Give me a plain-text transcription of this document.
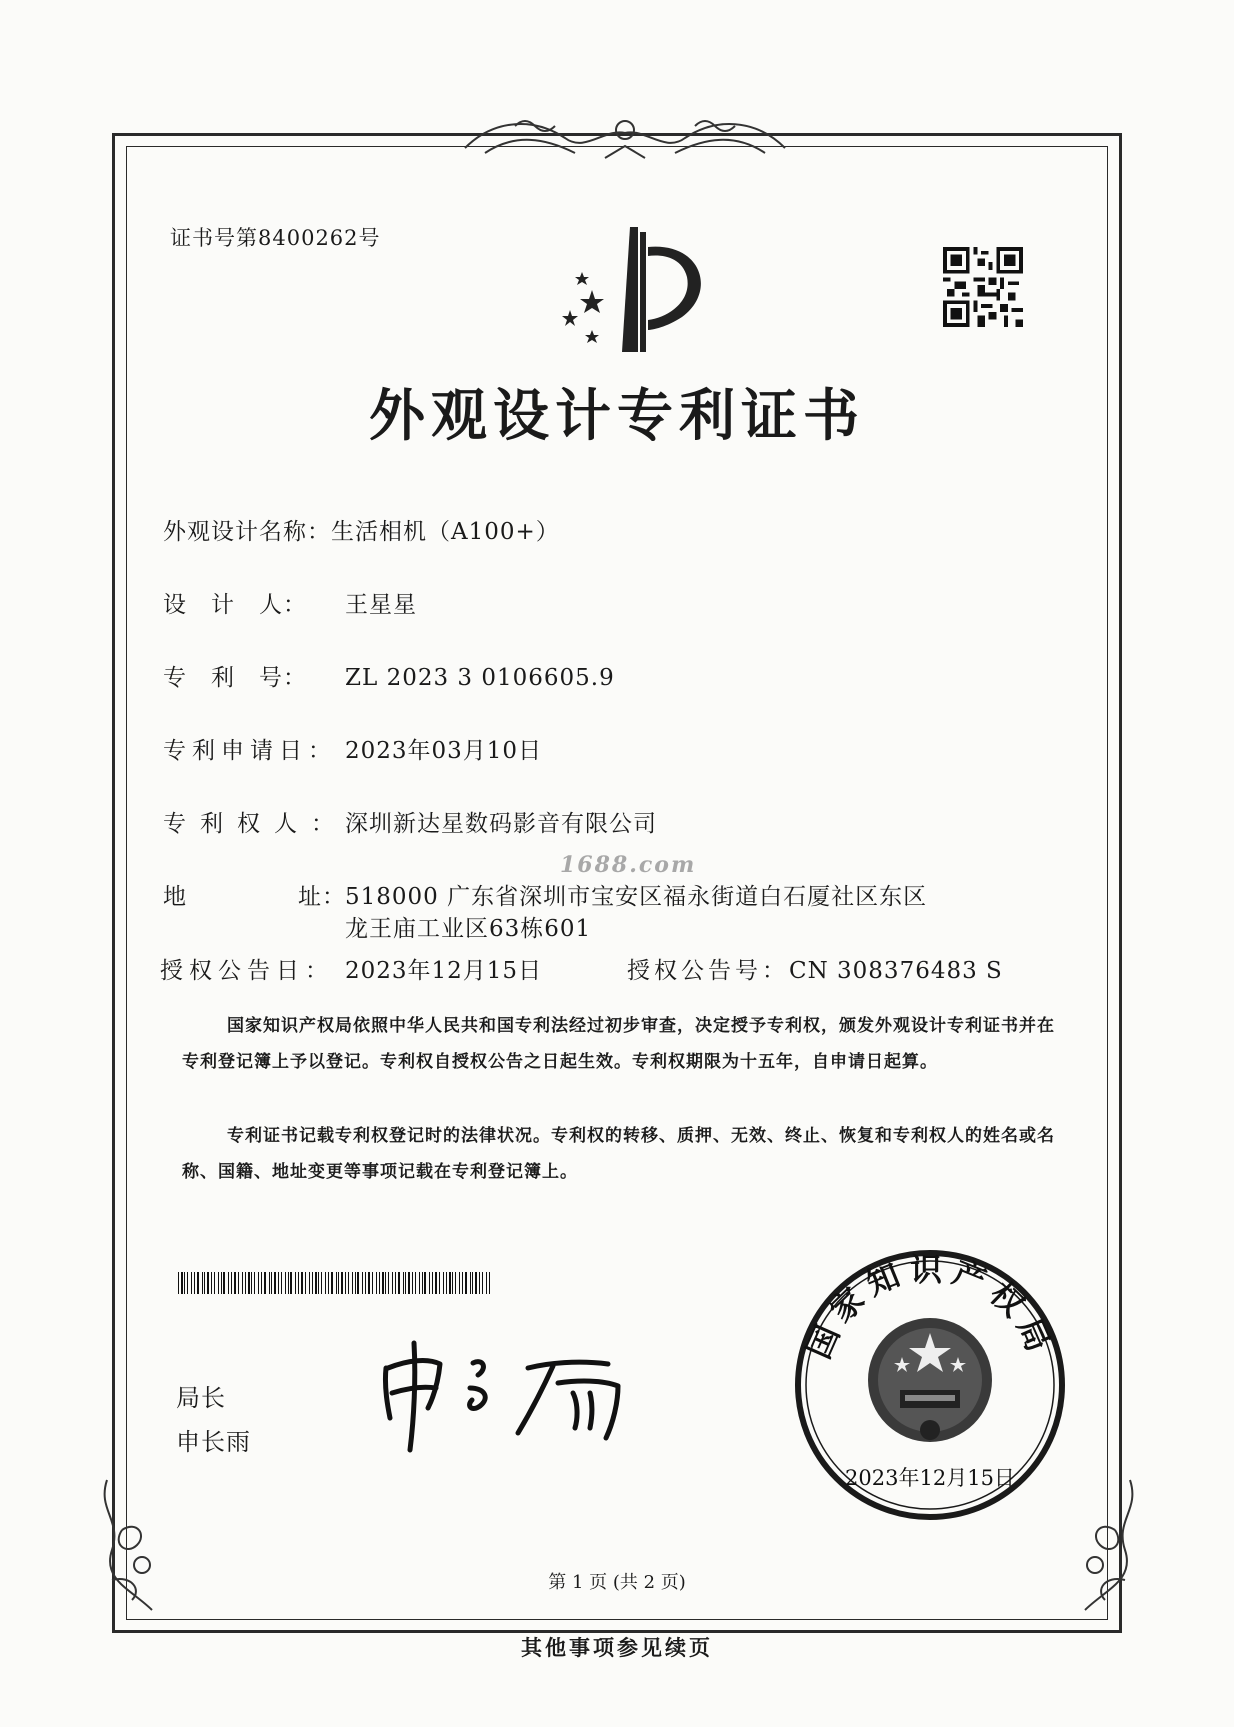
证书号第8400262号
外观设计专利证书
外观设计名称：生活相机（A100+）
设　计　人： 王星星
专　利　号： ZL 2023 3 0106605.9
专利申请日： 2023年03月10日
专利权人：深圳新达星数码影音有限公司
地	址： 518000 广东省深圳市宝安区福永街道白石厦社区东区
龙王庙工业区63栋601
授权公告日： 2023年12月15日	授权公告号：CN 308376483 S
1688.com
国家知识产权局依照中华人民共和国专利法经过初步审查，决定授予专利权，颁发外观设计专利证书并在专利登记簿上予以登记。专利权自授权公告之日起生效。专利权期限为十五年，自申请日起算。
专利证书记载专利权登记时的法律状况。专利权的转移、质押、无效、终止、恢复和专利权人的姓名或名称、国籍、地址变更等事项记载在专利登记簿上。
局长
申长雨
国家知识产权局
2023年12月15日
第 1 页 (共 2 页)
其他事项参见续页
